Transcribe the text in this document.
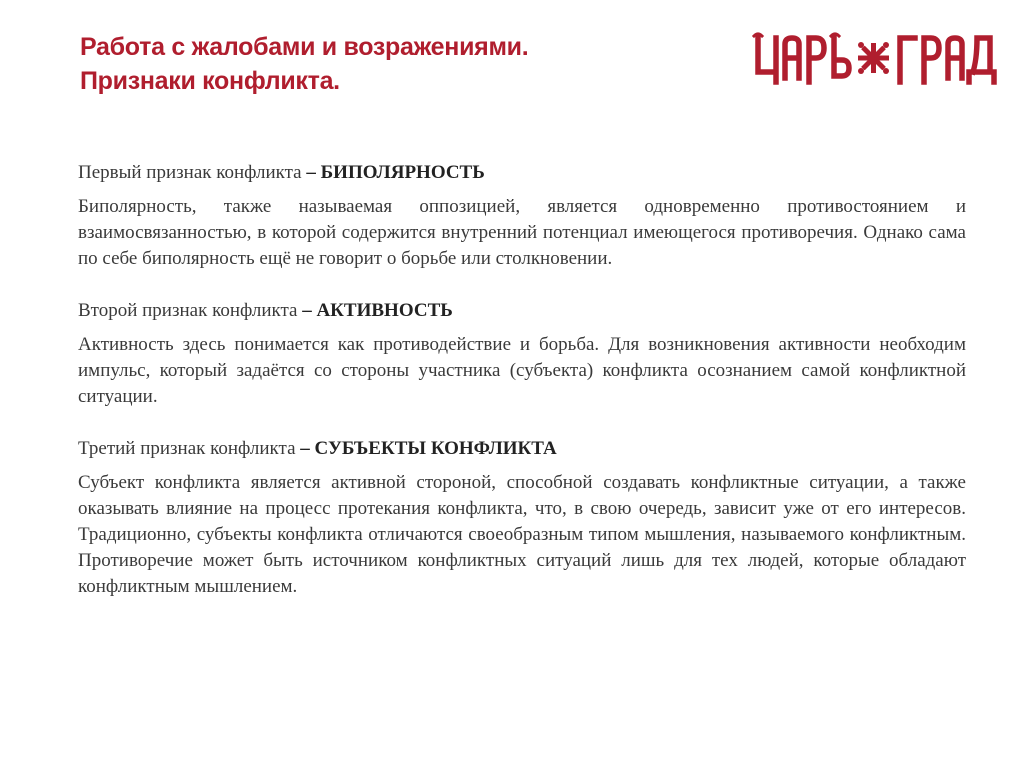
Работа с жалобами и возражениями.
Признаки конфликта.

Первый признак конфликта – БИПОЛЯРНОСТЬ

Биполярность, также называемая оппозицией, является одновременно противостоянием и взаимосвязанностью, в которой содержится внутренний потенциал имеющегося противоречия. Однако сама по себе биполярность ещё не говорит о борьбе или столкновении.

Второй признак конфликта – АКТИВНОСТЬ

Активность здесь понимается как противодействие и борьба. Для возникновения активности необходим импульс, который задаётся со стороны участника (субъекта) конфликта осознанием самой конфликтной ситуации.

Третий признак конфликта – СУБЪЕКТЫ КОНФЛИКТА

Субъект конфликта является активной стороной, способной создавать конфликтные ситуации, а также оказывать влияние на процесс протекания конфликта, что, в свою очередь, зависит уже от его интересов. Традиционно, субъекты конфликта отличаются своеобразным типом мышления, называемого конфликтным. Противоречие может быть источником конфликтных ситуаций лишь для тех людей, которые обладают конфликтным мышлением.
